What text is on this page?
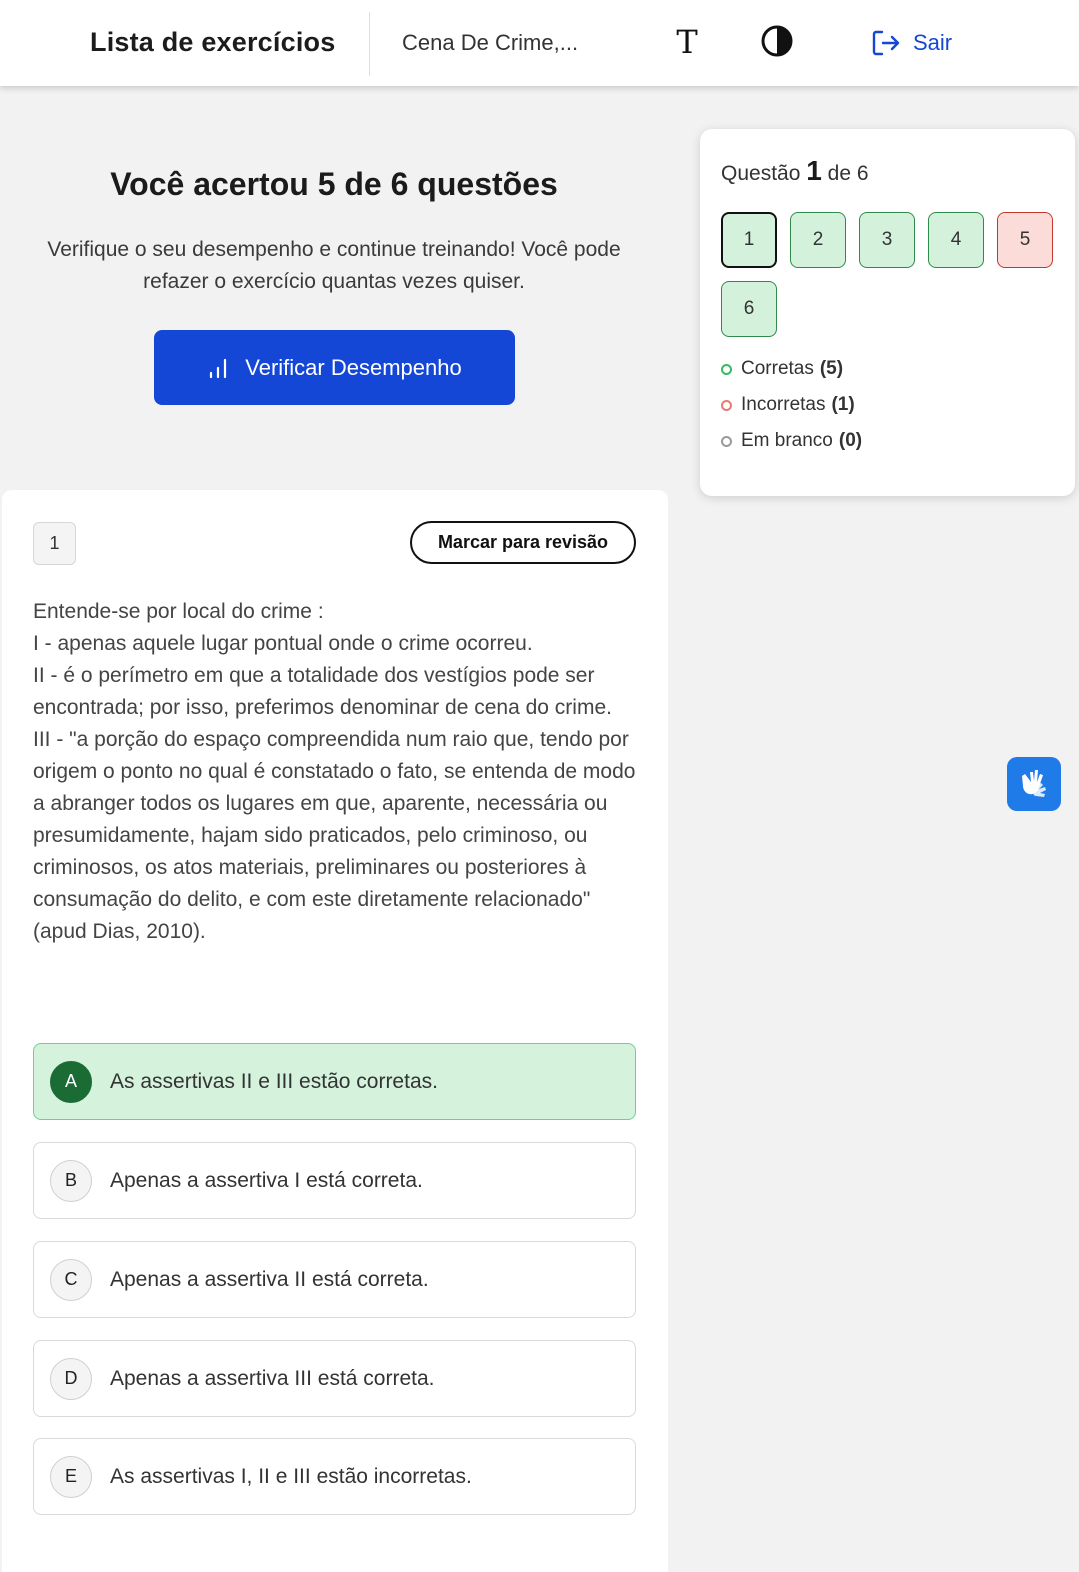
Lista de exercícios	Cena De Crime,...	T	Sair
Você acertou 5 de 6 questões
Verifique o seu desempenho e continue treinando! Você pode refazer o exercício quantas vezes quiser.
Verificar Desempenho
Questão 1 de 6
1	2	3	4	5
6
Corretas (5)
Incorretas (1)
Em branco (0)
1	Marcar para revisão

Entende-se por local do crime :

I - apenas aquele lugar pontual onde o crime ocorreu.

II - é o perímetro em que a totalidade dos vestígios pode ser encontrada; por isso, preferimos denominar de cena do crime.

III - "a porção do espaço compreendida num raio que, tendo por origem o ponto no qual é constatado o fato, se entenda de modo a abranger todos os lugares em que, aparente, necessária ou presumidamente, hajam sido praticados, pelo criminoso, ou criminosos, os atos materiais, preliminares ou posteriores à consumação do delito, e com este diretamente relacionado" (apud Dias, 2010).

A	As assertivas II e III estão corretas.
B	Apenas a assertiva I está correta.
C	Apenas a assertiva II está correta.
D	Apenas a assertiva III está correta.
E	As assertivas I, II e III estão incorretas.
